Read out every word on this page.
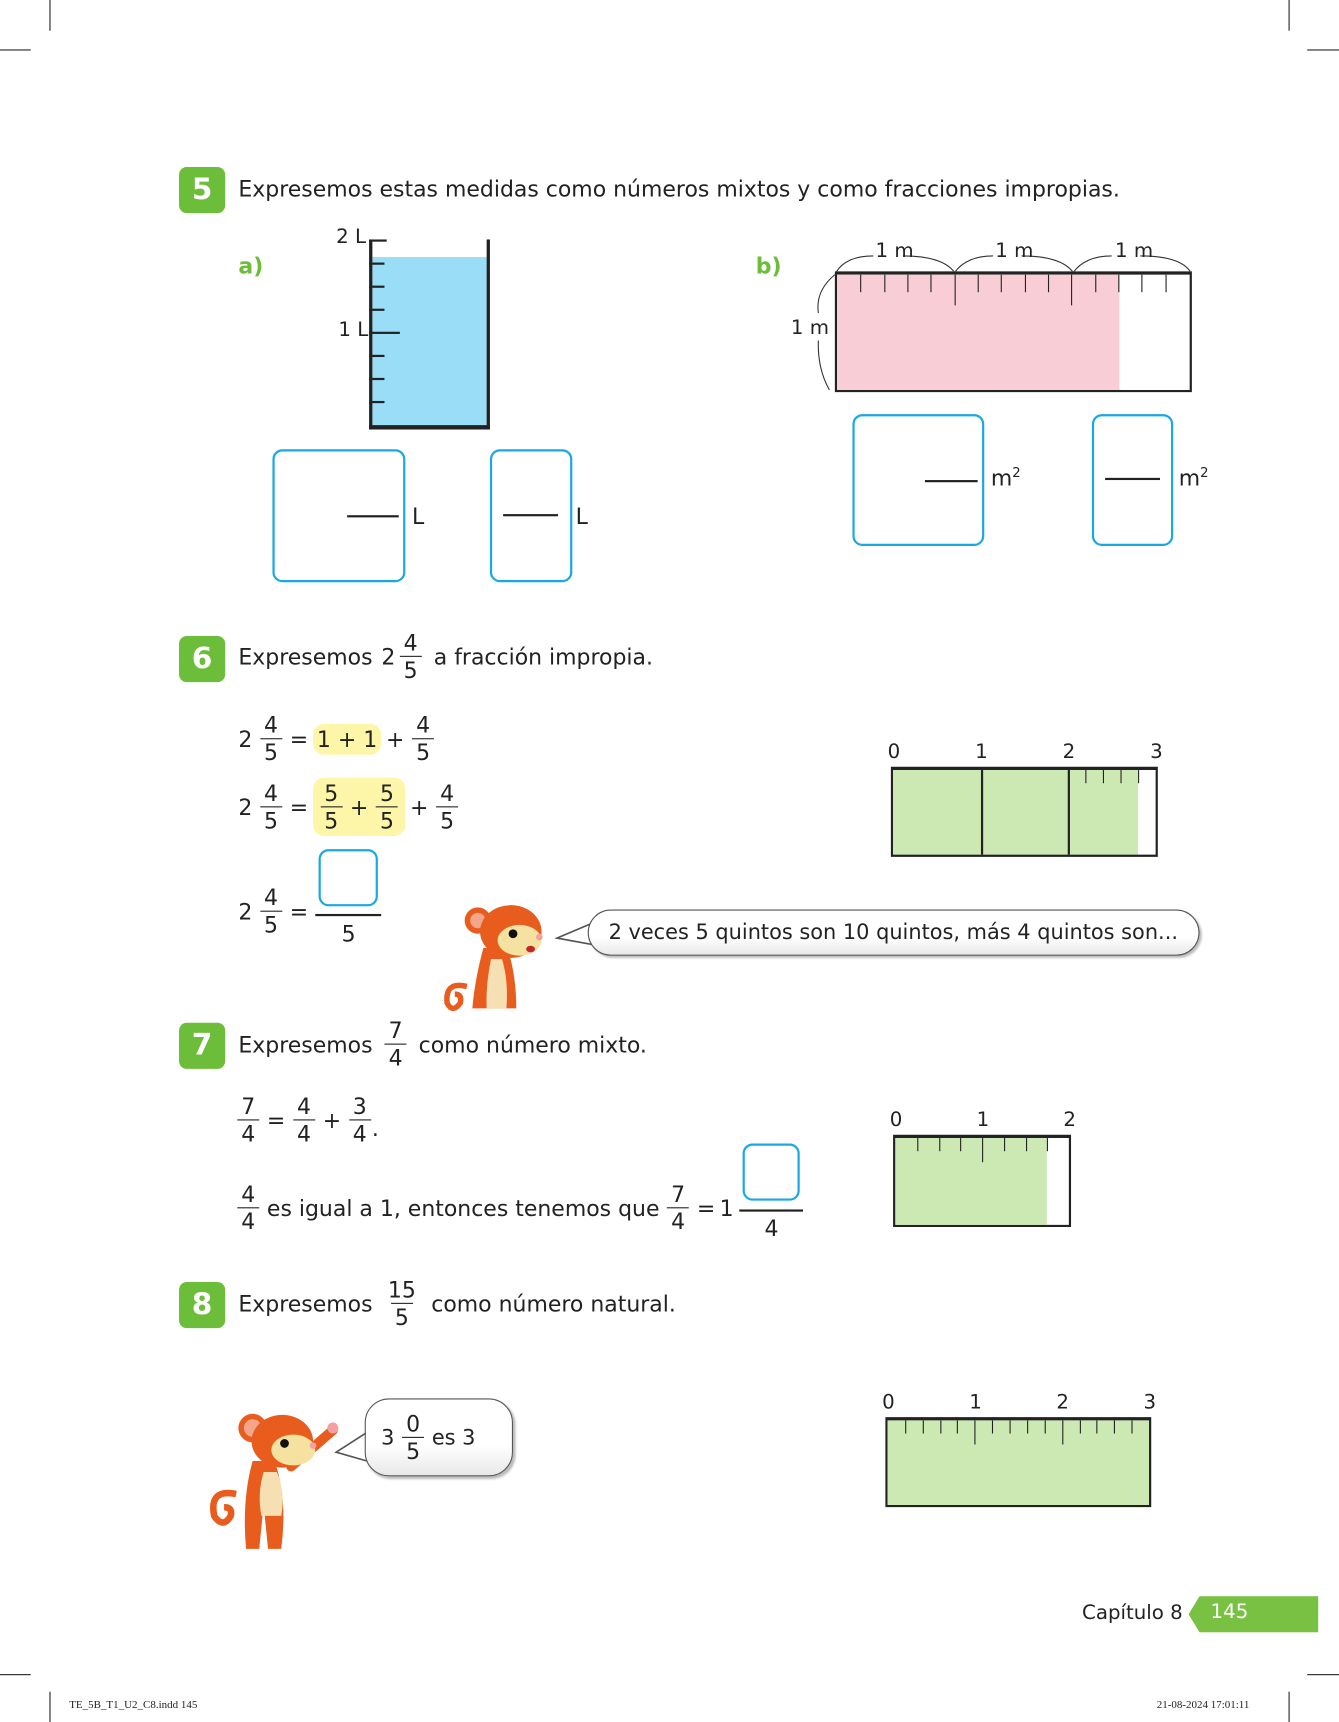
5	Expresemos estas medidas como números mixtos y como fracciones impropias.
a)
2 L
1 L
L	L
b)
1 m	1 m	1 m
1 m
$m^2$	$m^2$
6	Expresemos $2 \frac{4}{5}$ a fracción impropia.
$2 \frac{4}{5} = 1 + 1 + \frac{4}{5}$
$2 \frac{4}{5} = \frac{5}{5} + \frac{5}{5} + \frac{4}{5}$
$2 \frac{4}{5}$ =
5
0	1	2	3
2 veces 5 quintos son 10 quintos, más 4 quintos son...
7	Expresemos $\frac{7}{4}$ como número mixto.
$\frac{7}{4} = \frac{4}{4} + \frac{3}{4}$ .
$\frac{4}{4}$ es igual a 1, entonces tenemos que $\frac{7}{4} = 1$
4
0	1	2
8	Expresemos $\frac{15}{5}$ como número natural.
$3 \frac{0}{5}$ es 3
0	1	2	3
Capítulo 8 145
TE_5B_T1_U2_C8.indd 145	21-08-2024 17:01:11
